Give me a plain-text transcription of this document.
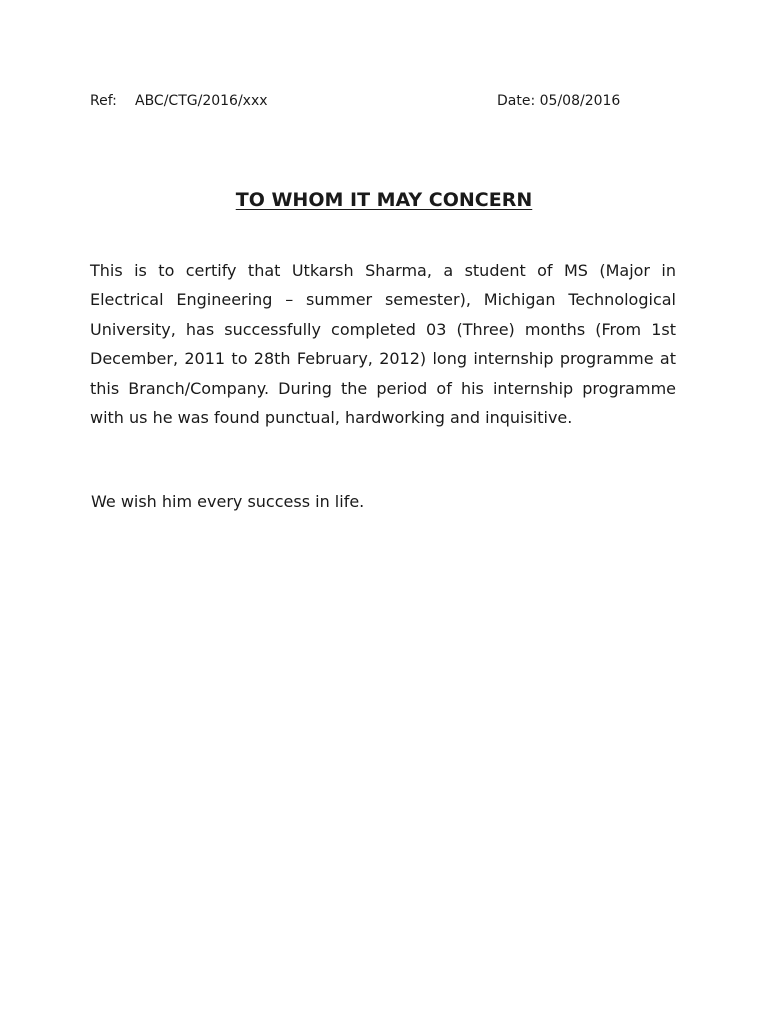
Ref: ABC/CTG/2016/xxx	Date: 05/08/2016
TO WHOM IT MAY CONCERN

This is to certify that Utkarsh Sharma, a student of MS (Major in Electrical Engineering – summer semester), Michigan Technological University, has successfully completed 03 (Three) months (From 1st December, 2011 to 28th February, 2012) long internship programme at this Branch/Company. During the period of his internship programme with us he was found punctual, hardworking and inquisitive.

We wish him every success in life.
